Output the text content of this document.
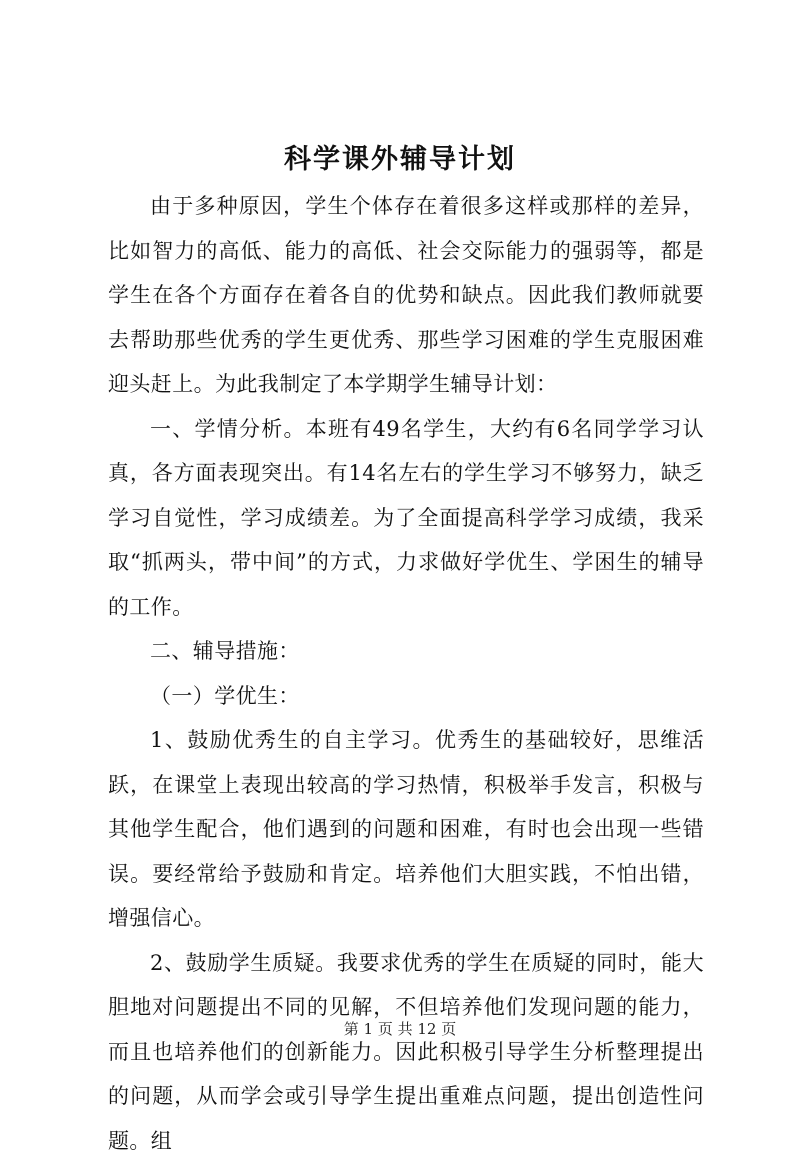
科学课外辅导计划

由于多种原因，学生个体存在着很多这样或那样的差异，比如智力的高低、能力的高低、社会交际能力的强弱等，都是学生在各个方面存在着各自的优势和缺点。因此我们教师就要去帮助那些优秀的学生更优秀、那些学习困难的学生克服困难迎头赶上。为此我制定了本学期学生辅导计划：

一、学情分析。本班有49名学生，大约有6名同学学习认真，各方面表现突出。有14名左右的学生学习不够努力，缺乏学习自觉性，学习成绩差。为了全面提高科学学习成绩，我采取“抓两头，带中间”的方式，力求做好学优生、学困生的辅导的工作。

二、辅导措施：

（一）学优生：

1、鼓励优秀生的自主学习。优秀生的基础较好，思维活跃，在课堂上表现出较高的学习热情，积极举手发言，积极与其他学生配合，他们遇到的问题和困难，有时也会出现一些错误。要经常给予鼓励和肯定。培养他们大胆实践，不怕出错，增强信心。

2、鼓励学生质疑。我要求优秀的学生在质疑的同时，能大胆地对问题提出不同的见解，不但培养他们发现问题的能力，而且也培养他们的创新能力。因此积极引导学生分析整理提出的问题，从而学会或引导学生提出重难点问题，提出创造性问题。组

第 1 页 共 12 页
